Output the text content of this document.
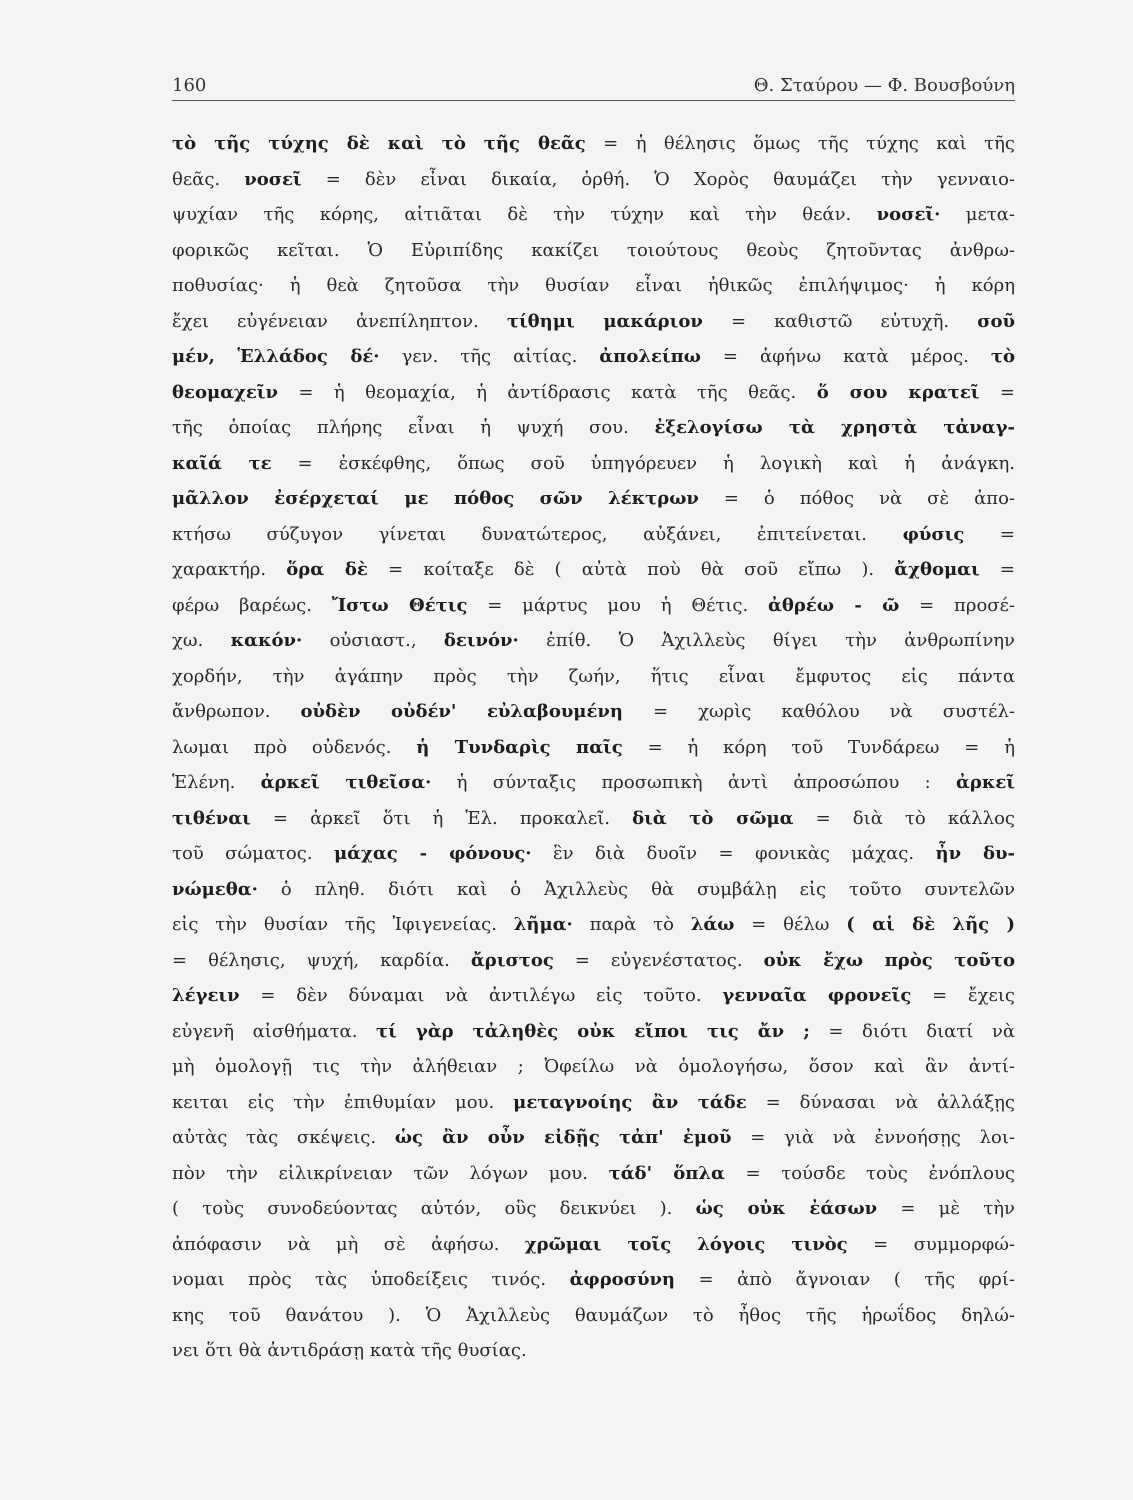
160	Θ. Σταύρου — Φ. Βουσβούνη
τὸ τῆς τύχης δὲ καὶ τὸ τῆς θεᾶς = ἡ θέλησις ὅμως τῆς τύχης καὶ τῆς
θεᾶς. νοσεῖ = δὲν εἶναι δικαία, ὀρθή. Ὁ Χορὸς θαυμάζει τὴν γενναιο-
ψυχίαν τῆς κόρης, αἰτιᾶται δὲ τὴν τύχην καὶ τὴν θεάν. νοσεῖ· μετα-
φορικῶς κεῖται. Ὁ Εὐριπίδης κακίζει τοιούτους θεοὺς ζητοῦντας ἀνθρω-
ποθυσίας· ἡ θεὰ ζητοῦσα τὴν θυσίαν εἶναι ἠθικῶς ἐπιλήψιμος· ἡ κόρη
ἔχει εὐγένειαν ἀνεπίληπτον. τίθημι μακάριον = καθιστῶ εὐτυχῆ. σοῦ
μέν, Ἑλλάδος δέ· γεν. τῆς αἰτίας. ἀπολείπω = ἀφήνω κατὰ μέρος. τὸ
θεομαχεῖν = ἡ θεομαχία, ἡ ἀντίδρασις κατὰ τῆς θεᾶς. ὅ σου κρατεῖ =
τῆς ὁποίας πλήρης εἶναι ἡ ψυχή σου. ἐξελογίσω τὰ χρηστὰ τἀναγ-
καῖά τε = ἐσκέφθης, ὅπως σοῦ ὑπηγόρευεν ἡ λογικὴ καὶ ἡ ἀνάγκη.
μᾶλλον ἐσέρχεταί με πόθος σῶν λέκτρων = ὁ πόθος νὰ σὲ ἀπο-
κτήσω σύζυγον γίνεται δυνατώτερος, αὐξάνει, ἐπιτείνεται. φύσις =
χαρακτήρ. ὅρα δὲ = κοίταξε δὲ ( αὐτὰ ποὺ θὰ σοῦ εἴπω ). ἄχθομαι =
φέρω βαρέως. Ἴστω Θέτις = μάρτυς μου ἡ Θέτις. ἀθρέω - ῶ = προσέ-
χω. κακόν· οὐσιαστ., δεινόν· ἐπίθ. Ὁ Ἀχιλλεὺς θίγει τὴν ἀνθρωπίνην
χορδήν, τὴν ἀγάπην πρὸς τὴν ζωήν, ἥτις εἶναι ἔμφυτος εἰς πάντα
ἄνθρωπον. οὐδὲν οὐδέν' εὐλαβουμένη = χωρὶς καθόλου νὰ συστέλ-
λωμαι πρὸ οὐδενός. ἡ Τυνδαρὶς παῖς = ἡ κόρη τοῦ Τυνδάρεω = ἡ
Ἑλένη. ἀρκεῖ τιθεῖσα· ἡ σύνταξις προσωπικὴ ἀντὶ ἀπροσώπου : ἀρκεῖ
τιθέναι = ἀρκεῖ ὅτι ἡ Ἑλ. προκαλεῖ. διὰ τὸ σῶμα = διὰ τὸ κάλλος
τοῦ σώματος. μάχας - φόνους· ἓν διὰ δυοῖν = φονικὰς μάχας. ἦν δυ-
νώμεθα· ὁ πληθ. διότι καὶ ὁ Ἀχιλλεὺς θὰ συμβάλῃ εἰς τοῦτο συντελῶν
εἰς τὴν θυσίαν τῆς Ἰφιγενείας. λῆμα· παρὰ τὸ λάω = θέλω ( αἱ δὲ λῆς )
= θέλησις, ψυχή, καρδία. ἄριστος = εὐγενέστατος. οὐκ ἔχω πρὸς τοῦτο
λέγειν = δὲν δύναμαι νὰ ἀντιλέγω εἰς τοῦτο. γενναῖα φρονεῖς = ἔχεις
εὐγενῆ αἰσθήματα. τί γὰρ τἀληθὲς οὐκ εἴποι τις ἄν ; = διότι διατί νὰ
μὴ ὁμολογῇ τις τὴν ἀλήθειαν ; Ὀφείλω νὰ ὁμολογήσω, ὅσον καὶ ἂν ἀντί-
κειται εἰς τὴν ἐπιθυμίαν μου. μεταγνοίης ἂν τάδε = δύνασαι νὰ ἀλλάξῃς
αὐτὰς τὰς σκέψεις. ὡς ἂν οὖν εἰδῇς τἀπ' ἐμοῦ = γιὰ νὰ ἐννοήσῃς λοι-
πὸν τὴν εἰλικρίνειαν τῶν λόγων μου. τάδ' ὅπλα = τούσδε τοὺς ἐνόπλους
( τοὺς συνοδεύοντας αὐτόν, οὓς δεικνύει ). ὡς οὐκ ἐάσων = μὲ τὴν
ἀπόφασιν νὰ μὴ σὲ ἀφήσω. χρῶμαι τοῖς λόγοις τινὸς = συμμορφώ-
νομαι πρὸς τὰς ὑποδείξεις τινός. ἀφροσύνη = ἀπὸ ἄγνοιαν ( τῆς φρί-
κης τοῦ θανάτου ). Ὁ Ἀχιλλεὺς θαυμάζων τὸ ἦθος τῆς ἡρωΐδος δηλώ-
νει ὅτι θὰ ἀντιδράσῃ κατὰ τῆς θυσίας.
